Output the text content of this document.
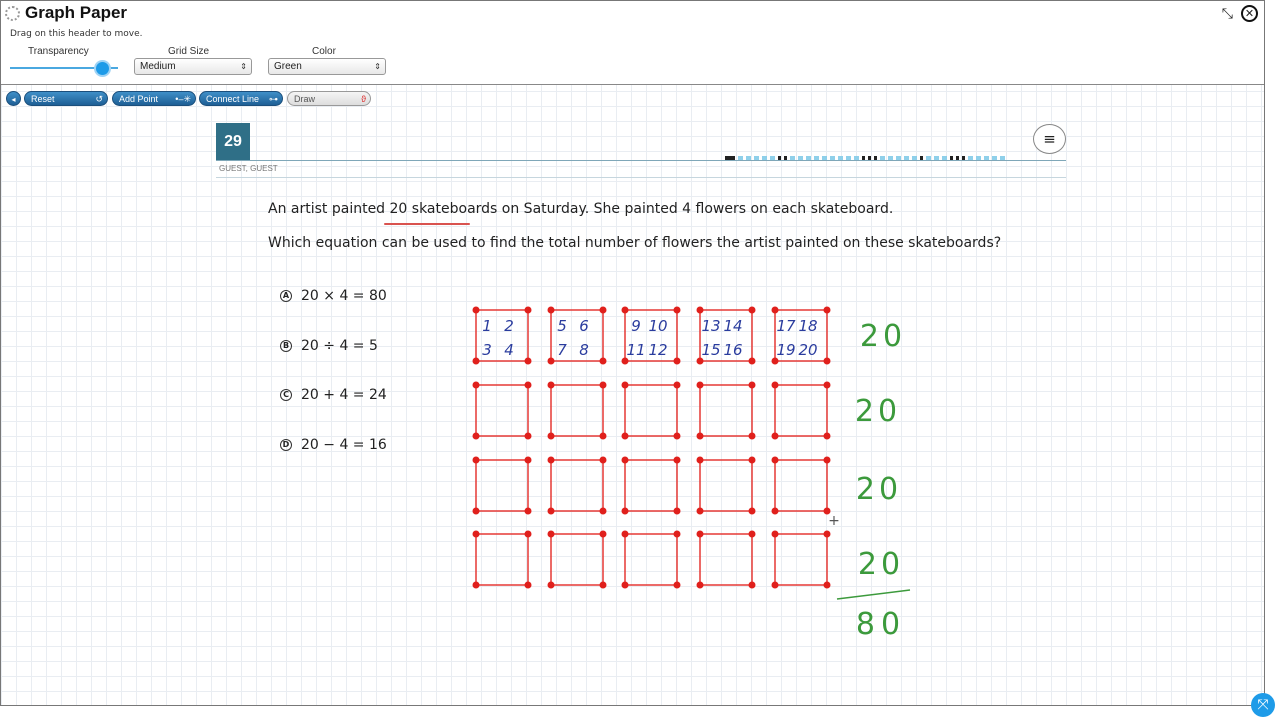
Graph Paper
Drag on this header to move.
⤡	✕
Transparency	Grid Size
Medium	⇕
Color
Green	⇕
◂	Reset	↺	Add Point •–✳	Connect Line ⊶	Draw	ϑ
29
GUEST, GUEST
≡
An artist painted 20 skateboards on Saturday. She painted 4 flowers on each skateboard.
Which equation can be used to find the total number of flowers the artist painted on these skateboards?
A 20 × 4 = 80
B 20 ÷ 4 = 5
C 20 + 4 = 24
D 20 − 4 = 16
1 2
3 4
5 6
7 8
9 10
11 12
13 14
15 16
17 18
19 20 20
20
20
20
80
+
⤧
